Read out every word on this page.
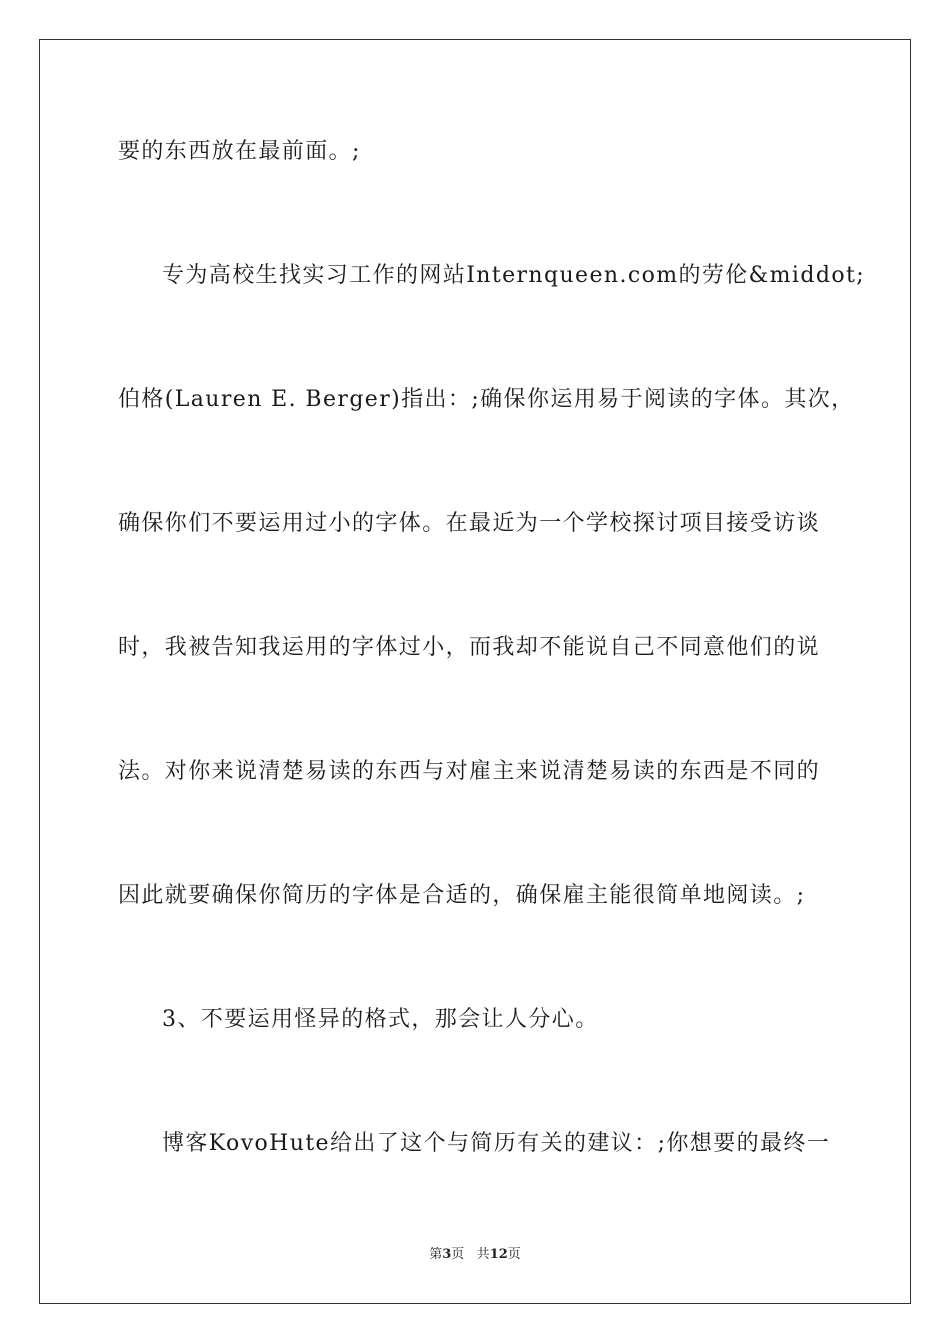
要的东西放在最前面。;
专为高校生找实习工作的网站Internqueen.com的劳伦&middot;
伯格(Lauren E. Berger)指出：;确保你运用易于阅读的字体。其次，
确保你们不要运用过小的字体。在最近为一个学校探讨项目接受访谈
时，我被告知我运用的字体过小，而我却不能说自己不同意他们的说
法。对你来说清楚易读的东西与对雇主来说清楚易读的东西是不同的
因此就要确保你简历的字体是合适的，确保雇主能很简单地阅读。;
3、不要运用怪异的格式，那会让人分心。
博客KovoHute给出了这个与简历有关的建议：;你想要的最终一
第3页 共12页
